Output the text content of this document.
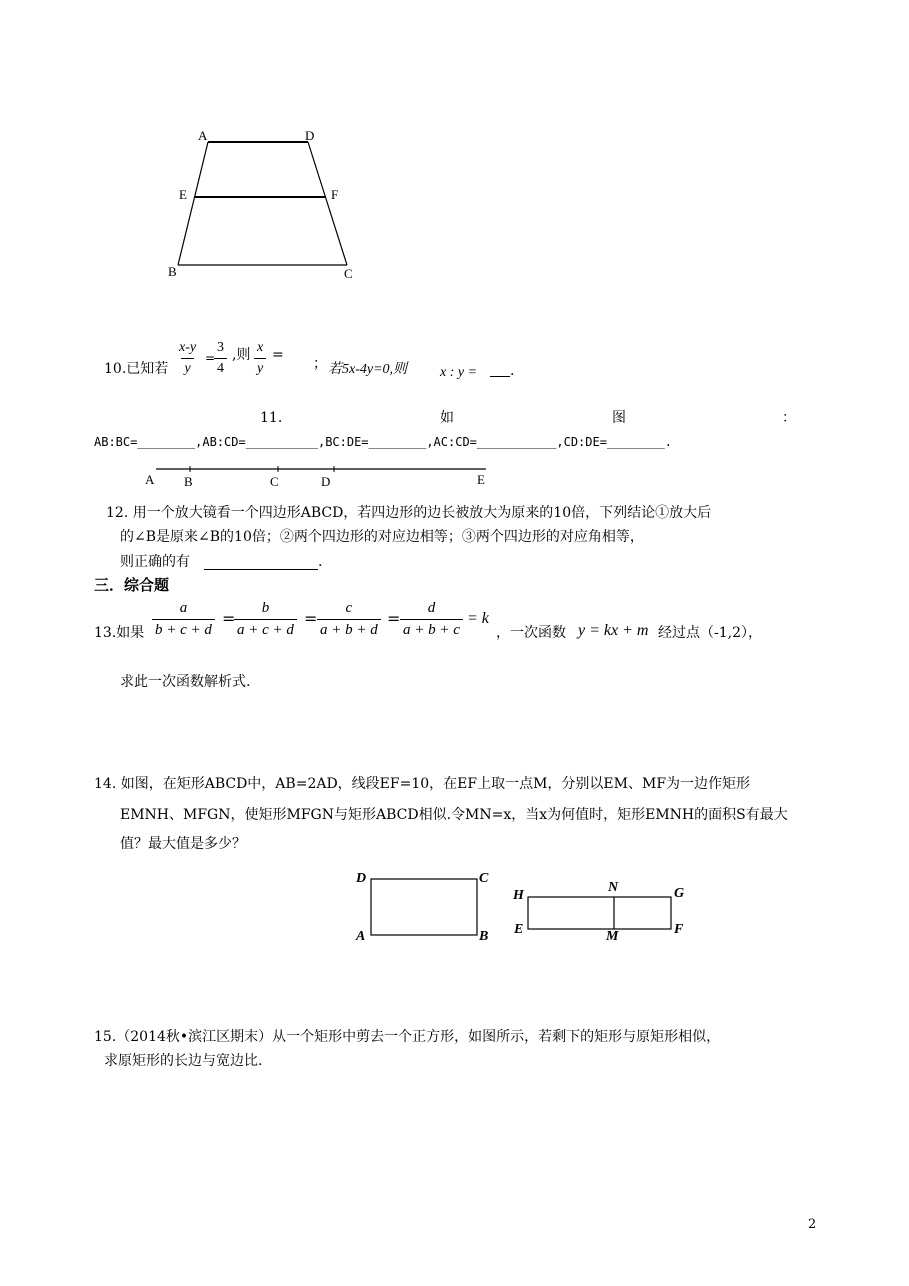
A	D
E	F
B	C
10.已知若 $\frac{x-y}{y}$ =
$\frac{3}{4}$ ,则 $\frac{x}{y}$ =
； 若5x-4y=0,则 x : y = .
11.	如	图	：
AB:BC=________,AB:CD=__________,BC:DE=________,AC:CD=___________,CD:DE=________.
A B	C	D	E
12. 用一个放大镜看一个四边形ABCD，若四边形的边长被放大为原来的10倍，下列结论①放大后
的∠B是原来∠B的10倍；②两个四边形的对应边相等；③两个四边形的对应角相等，
则正确的有	.
三．综合题
13.如果 $\frac{a}{b + c + d}$ =
$\frac{b}{a + c + d} = \frac{c}{a + b + d} = \frac{d}{a + b + c} = k$
，一次函数 y = kx + m 经过点（-1,2），
求此一次函数解析式.
14. 如图，在矩形ABCD中，AB=2AD，线段EF=10，在EF上取一点M，分别以EM、MF为一边作矩形
EMNH、MFGN，使矩形MFGN与矩形ABCD相似.令MN=x，当x为何值时，矩形EMNH的面积S有最大
值？最大值是多少？
D	C
A	B
H
N	G
E	M	F
15.（2014秋•滨江区期末）从一个矩形中剪去一个正方形，如图所示，若剩下的矩形与原矩形相似，
求原矩形的长边与宽边比.
2
